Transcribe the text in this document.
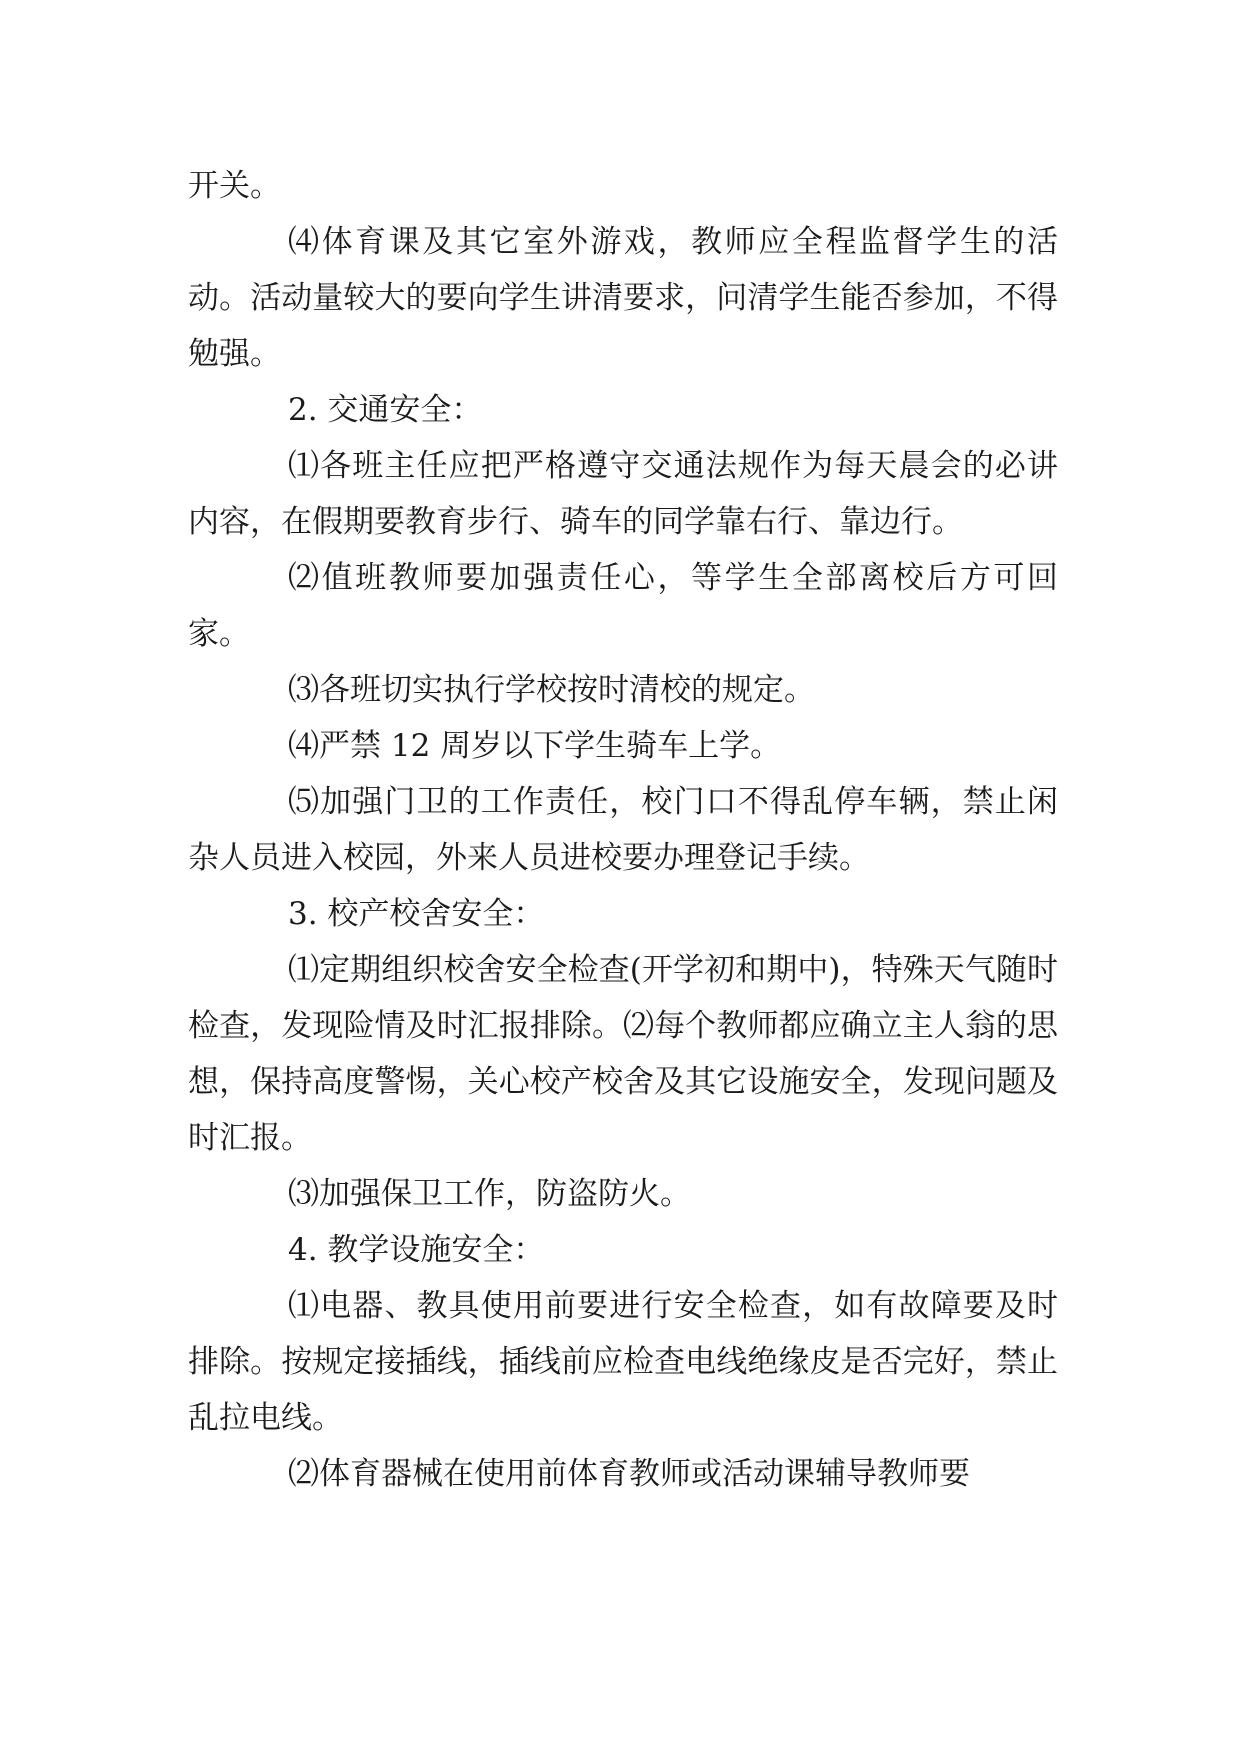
开关。

⑷体育课及其它室外游戏，教师应全程监督学生的活动。活动量较大的要向学生讲清要求，问清学生能否参加，不得勉强。

2. 交通安全：

⑴各班主任应把严格遵守交通法规作为每天晨会的必讲内容，在假期要教育步行、骑车的同学靠右行、靠边行。

⑵值班教师要加强责任心，等学生全部离校后方可回家。

⑶各班切实执行学校按时清校的规定。

⑷严禁 12 周岁以下学生骑车上学。

⑸加强门卫的工作责任，校门口不得乱停车辆，禁止闲杂人员进入校园，外来人员进校要办理登记手续。

3. 校产校舍安全：

⑴定期组织校舍安全检查(开学初和期中)，特殊天气随时检查，发现险情及时汇报排除。⑵每个教师都应确立主人翁的思想，保持高度警惕，关心校产校舍及其它设施安全，发现问题及时汇报。

⑶加强保卫工作，防盗防火。

4. 教学设施安全：

⑴电器、教具使用前要进行安全检查，如有故障要及时排除。按规定接插线，插线前应检查电线绝缘皮是否完好，禁止乱拉电线。

⑵体育器械在使用前体育教师或活动课辅导教师要
